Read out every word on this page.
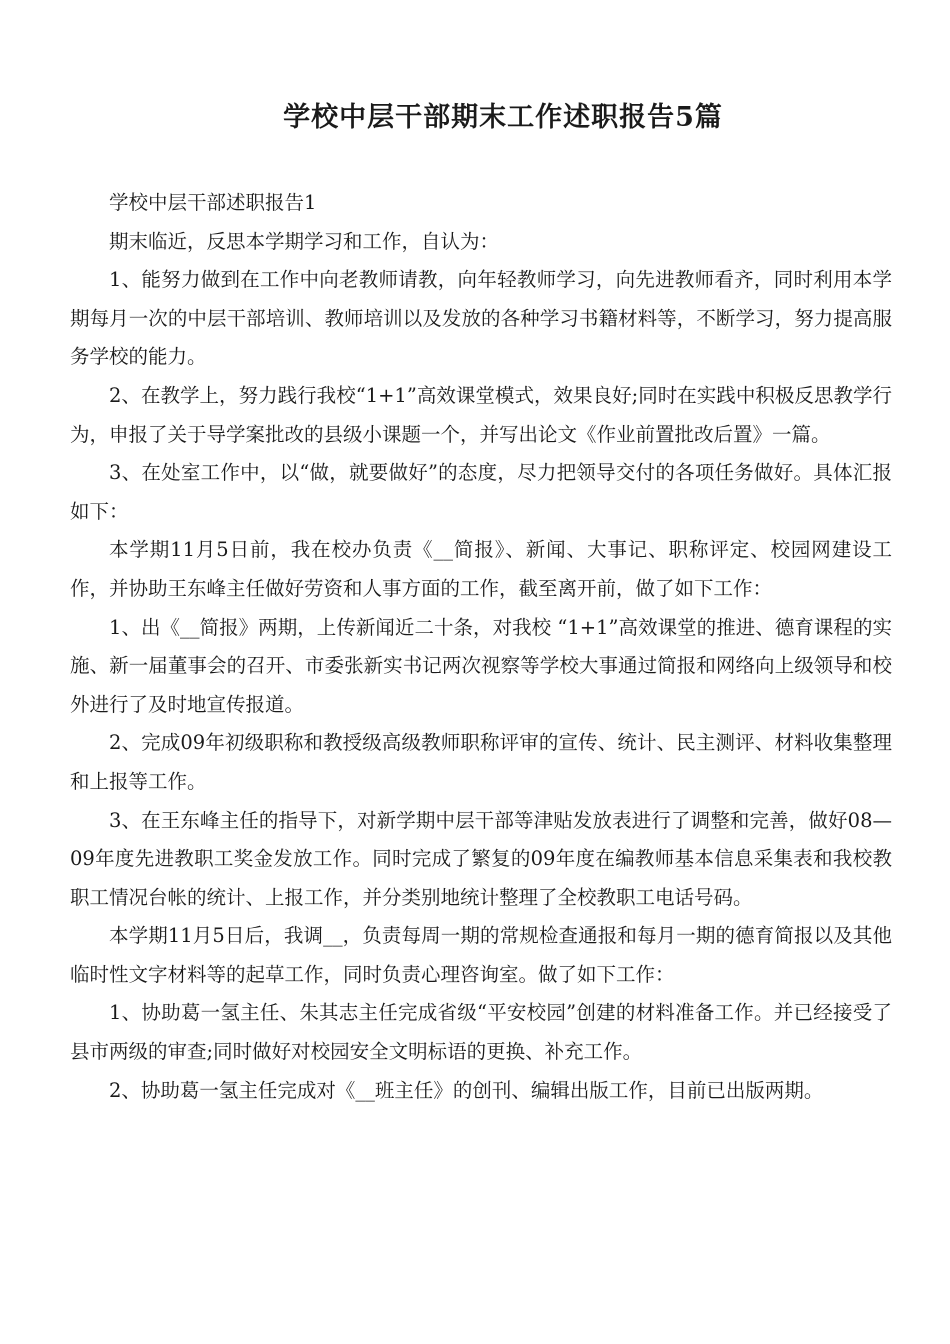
学校中层干部期末工作述职报告5篇

学校中层干部述职报告1

期末临近，反思本学期学习和工作，自认为：

1、能努力做到在工作中向老教师请教，向年轻教师学习，向先进教师看齐，同时利用本学期每月一次的中层干部培训、教师培训以及发放的各种学习书籍材料等，不断学习，努力提高服务学校的能力。

2、在教学上，努力践行我校“1+1”高效课堂模式，效果良好;同时在实践中积极反思教学行为，申报了关于导学案批改的县级小课题一个，并写出论文《作业前置批改后置》一篇。

3、在处室工作中，以“做，就要做好”的态度，尽力把领导交付的各项任务做好。具体汇报如下：

本学期11月5日前，我在校办负责《__简报》、新闻、大事记、职称评定、校园网建设工作，并协助王东峰主任做好劳资和人事方面的工作，截至离开前，做了如下工作：

1、出《__简报》两期，上传新闻近二十条，对我校 “1+1”高效课堂的推进、德育课程的实施、新一届董事会的召开、市委张新实书记两次视察等学校大事通过简报和网络向上级领导和校外进行了及时地宣传报道。

2、完成09年初级职称和教授级高级教师职称评审的宣传、统计、民主测评、材料收集整理和上报等工作。

3、在王东峰主任的指导下，对新学期中层干部等津贴发放表进行了调整和完善，做好08—09年度先进教职工奖金发放工作。同时完成了繁复的09年度在编教师基本信息采集表和我校教职工情况台帐的统计、上报工作，并分类别地统计整理了全校教职工电话号码。

本学期11月5日后，我调__，负责每周一期的常规检查通报和每月一期的德育简报以及其他临时性文字材料等的起草工作，同时负责心理咨询室。做了如下工作：

1、协助葛一氢主任、朱其志主任完成省级“平安校园”创建的材料准备工作。并已经接受了县市两级的审查;同时做好对校园安全文明标语的更换、补充工作。

2、协助葛一氢主任完成对《__班主任》的创刊、编辑出版工作，目前已出版两期。
